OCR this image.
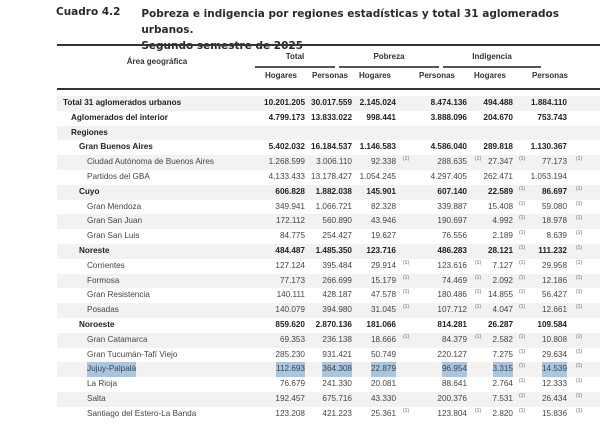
Cuadro 4.2 Pobreza e indigencia por regiones estadísticas y total 31 aglomerados urbanos.
Segundo semestre de 2025
Área geográfica
Total	Pobreza	Indigencia
Hogares	Personas	Hogares	Personas	Hogares	Personas
Total 31 aglomerados urbanos	10.201.205 30.017.559 2.145.024	8.474.136 494.488 1.884.110
Aglomerados del interior	4.799.173 13.833.022 998.441	3.888.096 204.670	753.743
Regiones
Gran Buenos Aires	5.402.032 16.184.537 1.146.583	4.586.040 289.818 1.130.367
Ciudad Autónoma de Buenos Aires	1.268.599 3.006.110 92.338 (1)	288.635 (1) 27.347 (1) 77.173 (1)
Partidos del GBA	4.133.433 13.178.427 1.054.245	4.297.405 262.471 1.053.194
Cuyo	606.828 1.882.038 145.901	607.140	22.589 (1) 86.697 (1)
Gran Mendoza	349.941 1.066.721 82.328	339.887	15.408 (1) 59.080 (1)
Gran San Juan	172.112 560.890 43.946	190.697	4.992 (1) 18.978 (1)
Gran San Luis	84.775 254.427 19.627	76.556	2.189 (1)	8.639 (1)
Noreste	484.487 1.485.350 123.716	486.283	28.121 (1) 111.232 (1)
Corrientes	127.124 395.484 29.914 (1)	123.616 (1) 7.127 (1) 29.958 (1)
Formosa	77.173 266.699 15.179 (1)	74.469 (1) 2.092 (1) 12.186 (1)
Gran Resistencia	140.111 428.187 47.578 (1)	180.486 (1) 14.855 (1) 56.427 (1)
Posadas	140.079 394.980 31.045 (1)	107.712 (1) 4.047 (1) 12.661 (1)
Noroeste	859.620 2.870.136 181.066	814.281	26.287	109.584
Gran Catamarca	69.353 236.138 18.666 (1)	84.379 (1) 2.582 (1) 10.808 (1)
Gran Tucumán-Tafí Viejo	285.230 931.421 50.749	220.127	7.275 (1) 29.634 (1)
Jujuy-Palpalá	112.693 364.308 22.879	96.954	3.315 (1) 14.539 (1)
La Rioja	76.679 241.330 20.081	88.641	2.764 (1) 12.333 (1)
Salta	192.457 675.716 43.330	200.376	7.531 (1) 26.434 (1)
Santiago del Estero-La Banda	123.208 421.223 25.361 (1)	123.804 (1) 2.820 (1) 15.836 (1)
